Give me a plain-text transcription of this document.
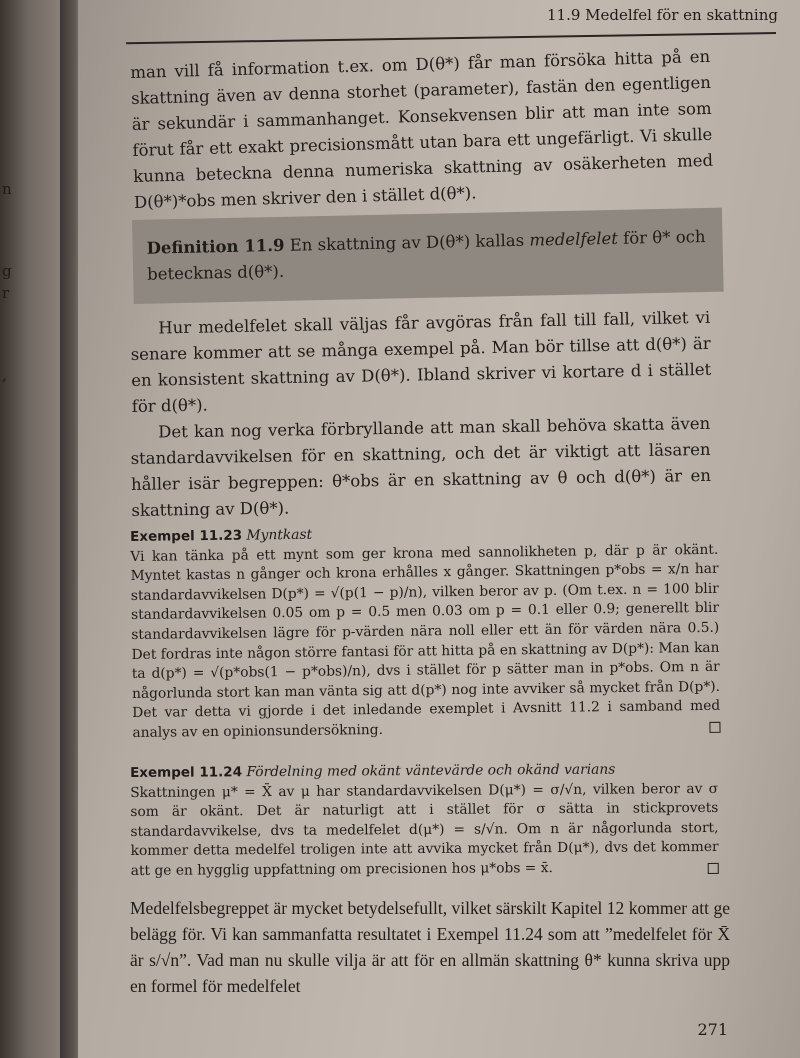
n
g
r
,
11.9 Medelfel för en skattning
man vill få information t.ex. om D(θ*) får man försöka hitta på en skattning även av denna storhet (parameter), fastän den egentligen är sekundär i sammanhanget. Konsekvensen blir att man inte som förut får ett exakt precisionsmått utan bara ett ungefärligt. Vi skulle kunna beteckna denna numeriska skattning av osäkerheten med D(θ*)*obs men skriver den i stället d(θ*).
Definition 11.9 En skattning av D(θ*) kallas medelfelet för θ* och betecknas d(θ*).
Hur medelfelet skall väljas får avgöras från fall till fall, vilket vi senare kommer att se många exempel på. Man bör tillse att d(θ*) är en konsistent skattning av D(θ*). Ibland skriver vi kortare d i stället för d(θ*).
Det kan nog verka förbryllande att man skall behöva skatta även standardavvikelsen för en skattning, och det är viktigt att läsaren håller isär begreppen: θ*obs är en skattning av θ och d(θ*) är en skattning av D(θ*).
Exempel 11.23 Myntkast
Vi kan tänka på ett mynt som ger krona med sannolikheten p, där p är okänt. Myntet kastas n gånger och krona erhålles x gånger. Skattningen p*obs = x/n har standardavvikelsen D(p*) = √(p(1 − p)/n), vilken beror av p. (Om t.ex. n = 100 blir standardavvikelsen 0.05 om p = 0.5 men 0.03 om p = 0.1 eller 0.9; generellt blir standardavvikelsen lägre för p-värden nära noll eller ett än för värden nära 0.5.) Det fordras inte någon större fantasi för att hitta på en skattning av D(p*): Man kan ta d(p*) = √(p*obs(1 − p*obs)/n), dvs i stället för p sätter man in p*obs. Om n är någorlunda stort kan man vänta sig att d(p*) nog inte avviker så mycket från D(p*). Det var detta vi gjorde i det inledande exemplet i Avsnitt 11.2 i samband med analys av en opinionsundersökning.
Exempel 11.24 Fördelning med okänt väntevärde och okänd varians
Skattningen μ* = X̄ av μ har standardavvikelsen D(μ*) = σ/√n, vilken beror av σ som är okänt. Det är naturligt att i stället för σ sätta in stickprovets standardavvikelse, dvs ta medelfelet d(μ*) = s/√n. Om n är någorlunda stort, kommer detta medelfel troligen inte att avvika mycket från D(μ*), dvs det kommer att ge en hygglig uppfattning om precisionen hos μ*obs = x̄.
Medelfelsbegreppet är mycket betydelsefullt, vilket särskilt Kapitel 12 kommer att ge belägg för. Vi kan sammanfatta resultatet i Exempel 11.24 som att ”medelfelet för X̄ är s/√n”. Vad man nu skulle vilja är att för en allmän skattning θ* kunna skriva upp en formel för medelfelet
271
